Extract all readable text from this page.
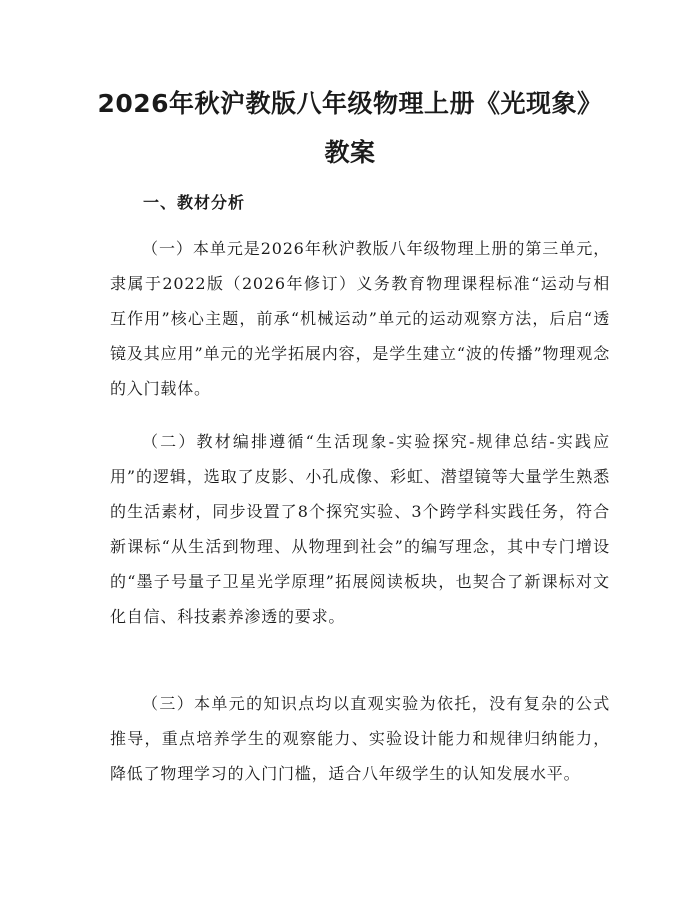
2026年秋沪教版八年级物理上册《光现象》
教案
一、教材分析

（一）本单元是2026年秋沪教版八年级物理上册的第三单元，隶属于2022版（2026年修订）义务教育物理课程标准“运动与相互作用”核心主题，前承“机械运动”单元的运动观察方法，后启“透镜及其应用”单元的光学拓展内容，是学生建立“波的传播”物理观念的入门载体。

（二）教材编排遵循“生活现象-实验探究-规律总结-实践应用”的逻辑，选取了皮影、小孔成像、彩虹、潜望镜等大量学生熟悉的生活素材，同步设置了8个探究实验、3个跨学科实践任务，符合新课标“从生活到物理、从物理到社会”的编写理念，其中专门增设的“墨子号量子卫星光学原理”拓展阅读板块，也契合了新课标对文化自信、科技素养渗透的要求。

（三）本单元的知识点均以直观实验为依托，没有复杂的公式推导，重点培养学生的观察能力、实验设计能力和规律归纳能力，降低了物理学习的入门门槛，适合八年级学生的认知发展水平。
